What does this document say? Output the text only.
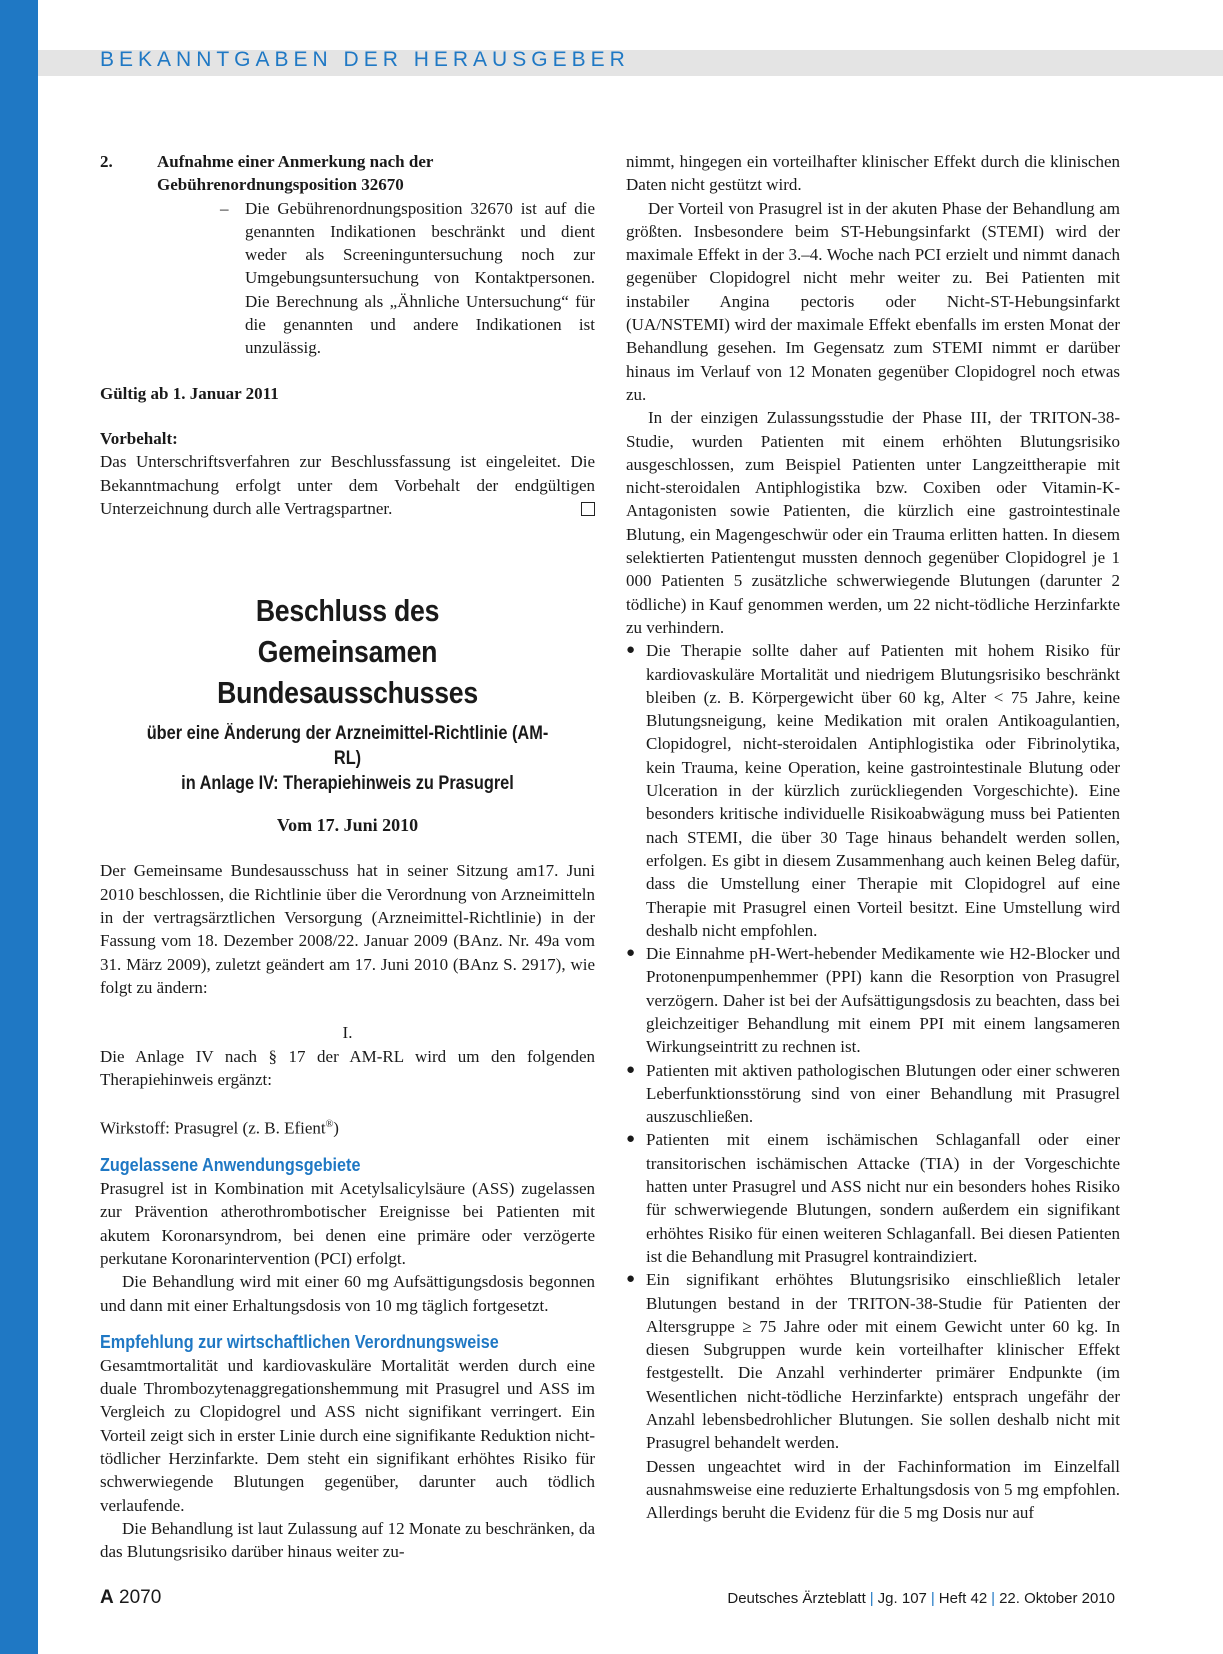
BEKANNTGABEN DER HERAUSGEBER
2.	Aufnahme einer Anmerkung nach der Gebührenordnungsposition 32670
– Die Gebührenordnungsposition 32670 ist auf die genannten Indikationen beschränkt und dient weder als Screeninguntersuchung noch zur Umgebungsuntersuchung von Kontaktpersonen. Die Berechnung als „Ähnliche Untersuchung“ für die genannten und andere Indikationen ist unzulässig.

Gültig ab 1. Januar 2011

Vorbehalt:

Das Unterschriftsverfahren zur Beschlussfassung ist eingeleitet. Die Bekanntmachung erfolgt unter dem Vorbehalt der endgültigen Unterzeichnung durch alle Vertragspartner.

Beschluss des
Gemeinsamen Bundesausschusses
über eine Änderung der Arzneimittel-Richtlinie (AM-RL)
in Anlage IV: Therapiehinweis zu Prasugrel
Vom 17. Juni 2010

Der Gemeinsame Bundesausschuss hat in seiner Sitzung am17. Juni 2010 beschlossen, die Richtlinie über die Verordnung von Arzneimitteln in der vertragsärztlichen Versorgung (Arzneimittel-Richtlinie) in der Fassung vom 18. Dezember 2008/22. Januar 2009 (BAnz. Nr. 49a vom 31. März 2009), zuletzt geändert am 17. Juni 2010 (BAnz S. 2917), wie folgt zu ändern:

I.

Die Anlage IV nach § 17 der AM-RL wird um den folgenden Therapiehinweis ergänzt:

Wirkstoff: Prasugrel (z. B. Efient®)

Zugelassene Anwendungsgebiete

Prasugrel ist in Kombination mit Acetylsalicylsäure (ASS) zugelassen zur Prävention atherothrombotischer Ereignisse bei Patienten mit akutem Koronarsyndrom, bei denen eine primäre oder verzögerte perkutane Koronarintervention (PCI) erfolgt.

Die Behandlung wird mit einer 60 mg Aufsättigungsdosis begonnen und dann mit einer Erhaltungsdosis von 10 mg täglich fortgesetzt.

Empfehlung zur wirtschaftlichen Verordnungsweise

Gesamtmortalität und kardiovaskuläre Mortalität werden durch eine duale Thrombozytenaggregationshemmung mit Prasugrel und ASS im Vergleich zu Clopidogrel und ASS nicht signifikant verringert. Ein Vorteil zeigt sich in erster Linie durch eine signifikante Reduktion nicht-tödlicher Herzinfarkte. Dem steht ein signifikant erhöhtes Risiko für schwerwiegende Blutungen gegenüber, darunter auch tödlich verlaufende.

Die Behandlung ist laut Zulassung auf 12 Monate zu beschränken, da das Blutungsrisiko darüber hinaus weiter zu-

nimmt, hingegen ein vorteilhafter klinischer Effekt durch die klinischen Daten nicht gestützt wird.

Der Vorteil von Prasugrel ist in der akuten Phase der Behandlung am größten. Insbesondere beim ST-Hebungsinfarkt (STEMI) wird der maximale Effekt in der 3.–4. Woche nach PCI erzielt und nimmt danach gegenüber Clopidogrel nicht mehr weiter zu. Bei Patienten mit instabiler Angina pectoris oder Nicht-ST-Hebungsinfarkt (UA/NSTEMI) wird der maximale Effekt ebenfalls im ersten Monat der Behandlung gesehen. Im Gegensatz zum STEMI nimmt er darüber hinaus im Verlauf von 12 Monaten gegenüber Clopidogrel noch etwas zu.

In der einzigen Zulassungsstudie der Phase III, der TRITON-38-Studie, wurden Patienten mit einem erhöhten Blutungsrisiko ausgeschlossen, zum Beispiel Patienten unter Langzeittherapie mit nicht-steroidalen Antiphlogistika bzw. Coxiben oder Vitamin-K-Antagonisten sowie Patienten, die kürzlich eine gastrointestinale Blutung, ein Magengeschwür oder ein Trauma erlitten hatten. In diesem selektierten Patientengut mussten dennoch gegenüber Clopidogrel je 1 000 Patienten 5 zusätzliche schwerwiegende Blutungen (darunter 2 tödliche) in Kauf genommen werden, um 22 nicht-tödliche Herzinfarkte zu verhindern.

● Die Therapie sollte daher auf Patienten mit hohem Risiko für kardiovaskuläre Mortalität und niedrigem Blutungsrisiko beschränkt bleiben (z. B. Körpergewicht über 60 kg, Alter < 75 Jahre, keine Blutungsneigung, keine Medikation mit oralen Antikoagulantien, Clopidogrel, nicht-steroidalen Antiphlogistika oder Fibrinolytika, kein Trauma, keine Operation, keine gastrointestinale Blutung oder Ulceration in der kürzlich zurückliegenden Vorgeschichte). Eine besonders kritische individuelle Risikoabwägung muss bei Patienten nach STEMI, die über 30 Tage hinaus behandelt werden sollen, erfolgen. Es gibt in diesem Zusammenhang auch keinen Beleg dafür, dass die Umstellung einer Therapie mit Clopidogrel auf eine Therapie mit Prasugrel einen Vorteil besitzt. Eine Umstellung wird deshalb nicht empfohlen.
● Die Einnahme pH-Wert-hebender Medikamente wie H2-Blocker und Protonenpumpenhemmer (PPI) kann die Resorption von Prasugrel verzögern. Daher ist bei der Aufsättigungsdosis zu beachten, dass bei gleichzeitiger Behandlung mit einem PPI mit einem langsameren Wirkungseintritt zu rechnen ist.
● Patienten mit aktiven pathologischen Blutungen oder einer schweren Leberfunktionsstörung sind von einer Behandlung mit Prasugrel auszuschließen.
● Patienten mit einem ischämischen Schlaganfall oder einer transitorischen ischämischen Attacke (TIA) in der Vorgeschichte hatten unter Prasugrel und ASS nicht nur ein besonders hohes Risiko für schwerwiegende Blutungen, sondern außerdem ein signifikant erhöhtes Risiko für einen weiteren Schlaganfall. Bei diesen Patienten ist die Behandlung mit Prasugrel kontraindiziert.
● Ein signifikant erhöhtes Blutungsrisiko einschließlich letaler Blutungen bestand in der TRITON-38-Studie für Patienten der Altersgruppe ≥ 75 Jahre oder mit einem Gewicht unter 60 kg. In diesen Subgruppen wurde kein vorteilhafter klinischer Effekt festgestellt. Die Anzahl verhinderter primärer Endpunkte (im Wesentlichen nicht-tödliche Herzinfarkte) entsprach ungefähr der Anzahl lebensbedrohlicher Blutungen. Sie sollen deshalb nicht mit Prasugrel behandelt werden.

Dessen ungeachtet wird in der Fachinformation im Einzelfall ausnahmsweise eine reduzierte Erhaltungsdosis von 5 mg empfohlen. Allerdings beruht die Evidenz für die 5 mg Dosis nur auf

A 2070	Deutsches Ärzteblatt | Jg. 107 | Heft 42 | 22. Oktober 2010
